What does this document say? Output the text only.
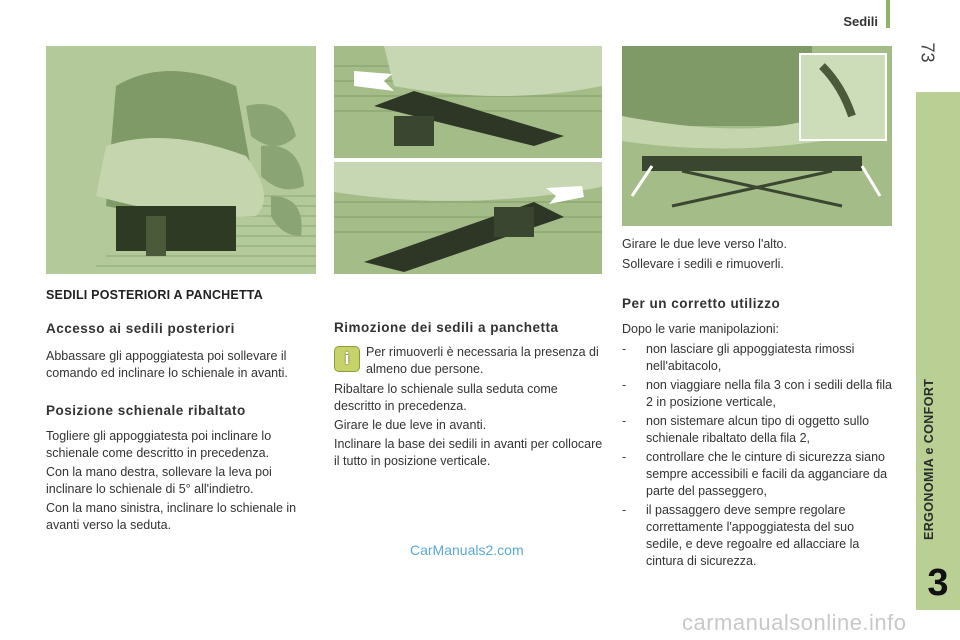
Sedili
73
3
SEDILI POSTERIORI A PANCHETTA
Accesso ai sedili posteriori
Abbassare gli appoggiatesta poi sollevare il comando ed inclinare lo schienale in avanti.
Posizione schienale ribaltato
Togliere gli appoggiatesta poi inclinare lo schienale come descritto in precedenza.
Con la mano destra, sollevare la leva poi inclinare lo schienale di 5° all'indietro.
Con la mano sinistra, inclinare lo schienale in avanti verso la seduta.
Rimozione dei sedili a panchetta
i	Per rimuoverli è necessaria la presenza di almeno due persone.
Ribaltare lo schienale sulla seduta come descritto in precedenza.
Girare le due leve in avanti.
Inclinare la base dei sedili in avanti per collocare il tutto in posizione verticale.
Girare le due leve verso l'alto.
Sollevare i sedili e rimuoverli.
Per un corretto utilizzo
Dopo le varie manipolazioni:
- non lasciare gli appoggiatesta rimossi nell'abitacolo,
- non viaggiare nella fila 3 con i sedili della fila 2 in posizione verticale,
- non sistemare alcun tipo di oggetto sullo schienale ribaltato della fila 2,
- controllare che le cinture di sicurezza siano sempre accessibili e facili da agganciare da parte del passeggero,
- il passaggero deve sempre regolare correttamente l'appoggiatesta del suo sedile, e deve regoalre ed allacciare la cintura di sicurezza.
CarManuals2.com
carmanualsonline.info
